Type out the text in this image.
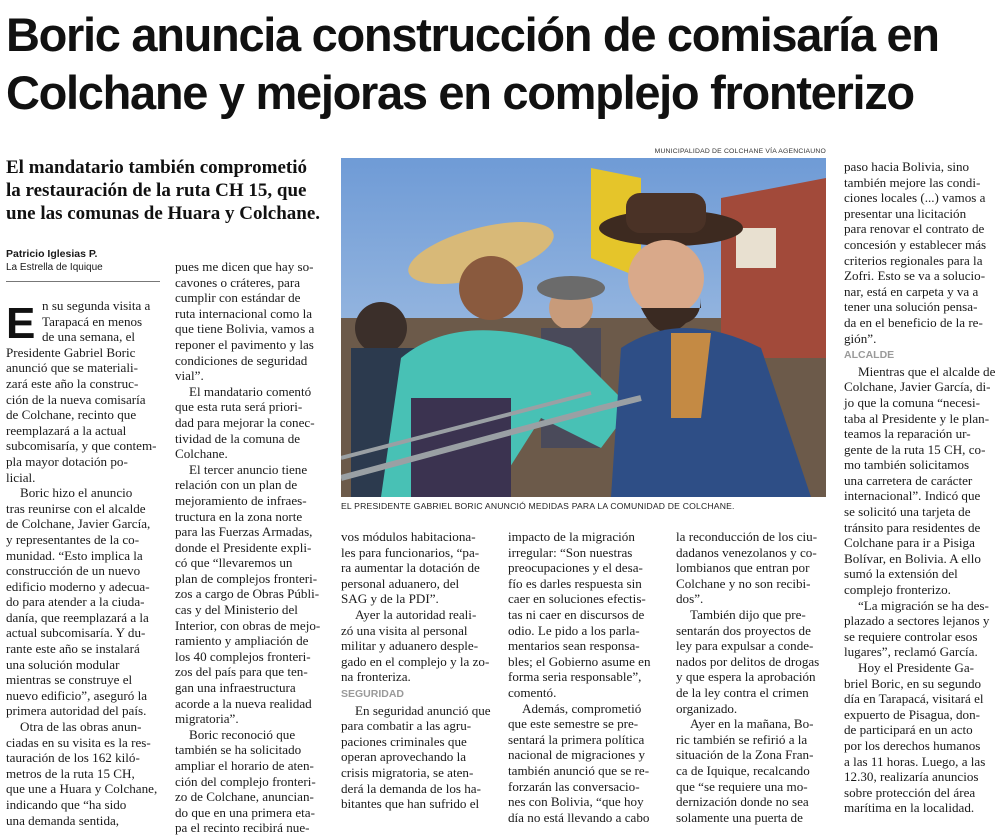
Boric anuncia construcción de comisaría en
Colchane y mejoras en complejo fronterizo
El mandatario también comprometió
la restauración de la ruta CH 15, que
une las comunas de Huara y Colchane.
Patricio Iglesias P.
La Estrella de Iquique
E n su segunda visita a
Tarapacá en menos
de una semana, el
Presidente Gabriel Boric
anunció que se materiali-
zará este año la construc-
ción de la nueva comisaría
de Colchane, recinto que
reemplazará a la actual
subcomisaría, y que contem-
pla mayor dotación po-
licial.
Boric hizo el anuncio
tras reunirse con el alcalde
de Colchane, Javier García,
y representantes de la co-
munidad. “Esto implica la
construcción de un nuevo
edificio moderno y adecua-
do para atender a la ciuda-
danía, que reemplazará a la
actual subcomisaría. Y du-
rante este año se instalará
una solución modular
mientras se construye el
nuevo edificio”, aseguró la
primera autoridad del país.
Otra de las obras anun-
ciadas en su visita es la res-
tauración de los 162 kiló-
metros de la ruta 15 CH,
que une a Huara y Colchane,
indicando que “ha sido
una demanda sentida,
pues me dicen que hay so-
cavones o cráteres, para
cumplir con estándar de
ruta internacional como la
que tiene Bolivia, vamos a
reponer el pavimento y las
condiciones de seguridad
vial”.
El mandatario comentó
que esta ruta será priori-
dad para mejorar la conec-
tividad de la comuna de
Colchane.
El tercer anuncio tiene
relación con un plan de
mejoramiento de infraes-
tructura en la zona norte
para las Fuerzas Armadas,
donde el Presidente expli-
có que “llevaremos un
plan de complejos fronteri-
zos a cargo de Obras Públi-
cas y del Ministerio del
Interior, con obras de mejo-
ramiento y ampliación de
los 40 complejos fronteri-
zos del país para que ten-
gan una infraestructura
acorde a la nueva realidad
migratoria”.
Boric reconoció que
también se ha solicitado
ampliar el horario de aten-
ción del complejo fronteri-
zo de Colchane, anuncian-
do que en una primera eta-
pa el recinto recibirá nue-
vos módulos habitaciona-
les para funcionarios, “pa-
ra aumentar la dotación de
personal aduanero, del
SAG y de la PDI”.
Ayer la autoridad reali-
zó una visita al personal
militar y aduanero desple-
gado en el complejo y la zo-
na fronteriza.
SEGURIDAD
En seguridad anunció que
para combatir a las agru-
paciones criminales que
operan aprovechando la
crisis migratoria, se aten-
derá la demanda de los ha-
bitantes que han sufrido el
impacto de la migración
irregular: “Son nuestras
preocupaciones y el desa-
fío es darles respuesta sin
caer en soluciones efectis-
tas ni caer en discursos de
odio. Le pido a los parla-
mentarios sean responsa-
bles; el Gobierno asume en
forma seria responsable”,
comentó.
Además, comprometió
que este semestre se pre-
sentará la primera política
nacional de migraciones y
también anunció que se re-
forzarán las conversacio-
nes con Bolivia, “que hoy
día no está llevando a cabo
la reconducción de los ciu-
dadanos venezolanos y co-
lombianos que entran por
Colchane y no son recibi-
dos”.
También dijo que pre-
sentarán dos proyectos de
ley para expulsar a conde-
nados por delitos de drogas
y que espera la aprobación
de la ley contra el crimen
organizado.
Ayer en la mañana, Bo-
ric también se refirió a la
situación de la Zona Fran-
ca de Iquique, recalcando
que “se requiere una mo-
dernización donde no sea
solamente una puerta de
paso hacia Bolivia, sino
también mejore las condi-
ciones locales (...) vamos a
presentar una licitación
para renovar el contrato de
concesión y establecer más
criterios regionales para la
Zofri. Esto se va a solucio-
nar, está en carpeta y va a
tener una solución pensa-
da en el beneficio de la re-
gión”.
ALCALDE
Mientras que el alcalde de
Colchane, Javier García, di-
jo que la comuna “necesi-
taba al Presidente y le plan-
teamos la reparación ur-
gente de la ruta 15 CH, co-
mo también solicitamos
una carretera de carácter
internacional”. Indicó que
se solicitó una tarjeta de
tránsito para residentes de
Colchane para ir a Pisiga
Bolívar, en Bolivia. A ello
sumó la extensión del
complejo fronterizo.
“La migración se ha des-
plazado a sectores lejanos y
se requiere controlar esos
lugares”, reclamó García.
Hoy el Presidente Ga-
briel Boric, en su segundo
día en Tarapacá, visitará el
expuerto de Pisagua, don-
de participará en un acto
por los derechos humanos
a las 11 horas. Luego, a las
12.30, realizaría anuncios
sobre protección del área
marítima en la localidad.
MUNICIPALIDAD DE COLCHANE VÍA AGENCIAUNO
EL PRESIDENTE GABRIEL BORIC ANUNCIÓ MEDIDAS PARA LA COMUNIDAD DE COLCHANE.
